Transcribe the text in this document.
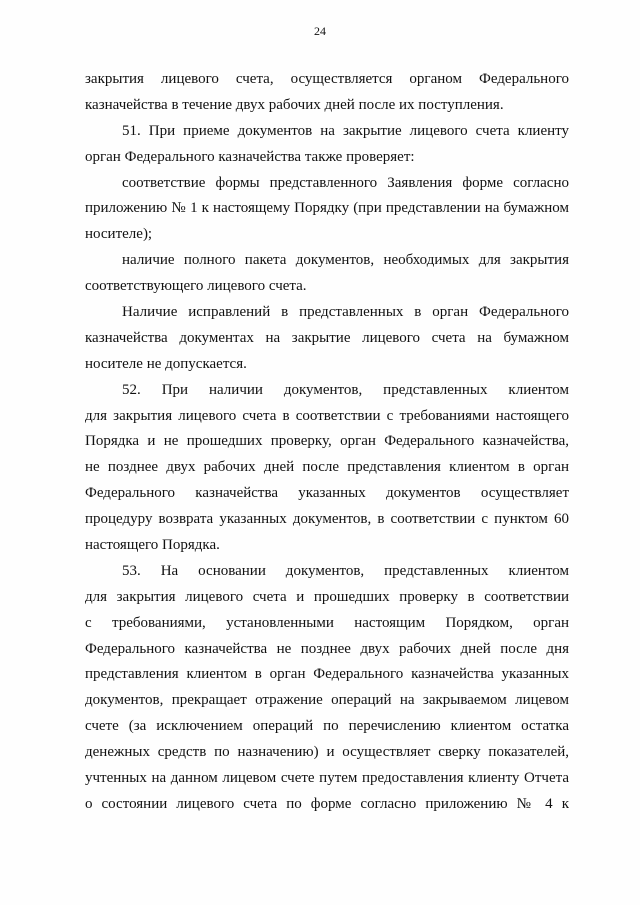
24
закрытия лицевого счета, осуществляется органом Федерального
казначейства в течение двух рабочих дней после их поступления.
51. При приеме документов на закрытие лицевого счета клиенту
орган Федерального казначейства также проверяет:
соответствие формы представленного Заявления форме согласно
приложению № 1 к настоящему Порядку (при представлении на бумажном
носителе);
наличие полного пакета документов, необходимых для закрытия
соответствующего лицевого счета.
Наличие исправлений в представленных в орган Федерального
казначейства документах на закрытие лицевого счета на бумажном
носителе не допускается.
52. При наличии документов, представленных клиентом
для закрытия лицевого счета в соответствии с требованиями настоящего
Порядка и не прошедших проверку, орган Федерального казначейства,
не позднее двух рабочих дней после представления клиентом в орган
Федерального казначейства указанных документов осуществляет
процедуру возврата указанных документов, в соответствии с пунктом 60
настоящего Порядка.
53. На основании документов, представленных клиентом
для закрытия лицевого счета и прошедших проверку в соответствии
с требованиями, установленными настоящим Порядком, орган
Федерального казначейства не позднее двух рабочих дней после дня
представления клиентом в орган Федерального казначейства указанных
документов, прекращает отражение операций на закрываемом лицевом
счете (за исключением операций по перечислению клиентом остатка
денежных средств по назначению) и осуществляет сверку показателей,
учтенных на данном лицевом счете путем предоставления клиенту Отчета
о состоянии лицевого счета по форме согласно приложению № 4 к
